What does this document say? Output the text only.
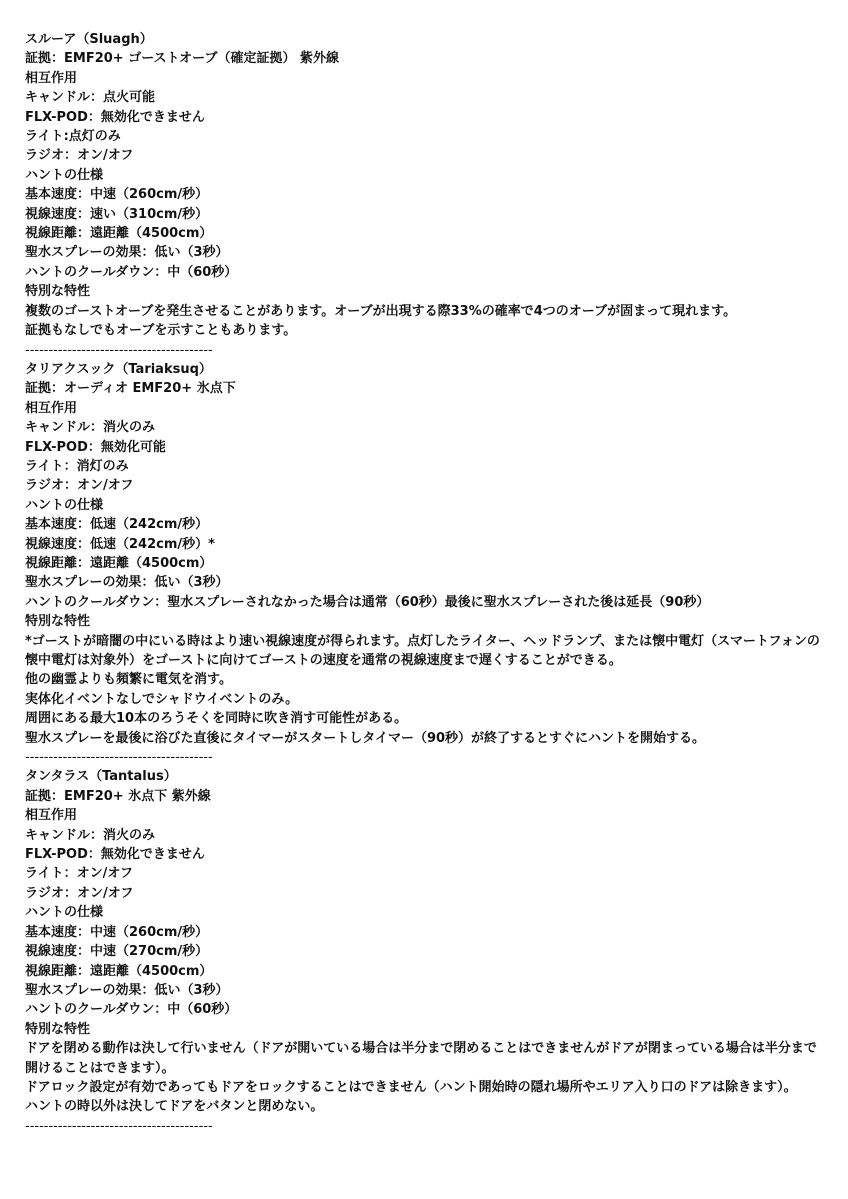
スルーア（Sluagh）
証拠：EMF20+ ゴーストオーブ（確定証拠） 紫外線
相互作用
キャンドル：点火可能
FLX-POD：無効化できません
ライト:点灯のみ
ラジオ：オン/オフ
ハントの仕様
基本速度：中速（260cm/秒）
視線速度：速い（310cm/秒）
視線距離：遠距離（4500cm）
聖水スプレーの効果：低い（3秒）
ハントのクールダウン：中（60秒）
特別な特性
複数のゴーストオーブを発生させることがあります。オーブが出現する際33%の確率で4つのオーブが固まって現れます。
証拠もなしでもオーブを示すこともあります。
----------------------------------------
タリアクスック（Tariaksuq）
証拠：オーディオ EMF20+ 氷点下
相互作用
キャンドル：消火のみ
FLX-POD：無効化可能
ライト：消灯のみ
ラジオ：オン/オフ
ハントの仕様
基本速度：低速（242cm/秒）
視線速度：低速（242cm/秒）*
視線距離：遠距離（4500cm）
聖水スプレーの効果：低い（3秒）
ハントのクールダウン：聖水スプレーされなかった場合は通常（60秒）最後に聖水スプレーされた後は延長（90秒）
特別な特性
*ゴーストが暗闇の中にいる時はより速い視線速度が得られます。点灯したライター、ヘッドランプ、または懐中電灯（スマートフォンの懐中電灯は対象外）をゴーストに向けてゴーストの速度を通常の視線速度まで遅くすることができる。
他の幽霊よりも頻繁に電気を消す。
実体化イベントなしでシャドウイベントのみ。
周囲にある最大10本のろうそくを同時に吹き消す可能性がある。
聖水スプレーを最後に浴びた直後にタイマーがスタートしタイマー（90秒）が終了するとすぐにハントを開始する。
----------------------------------------
タンタラス（Tantalus）
証拠：EMF20+ 氷点下 紫外線
相互作用
キャンドル：消火のみ
FLX-POD：無効化できません
ライト：オン/オフ
ラジオ：オン/オフ
ハントの仕様
基本速度：中速（260cm/秒）
視線速度：中速（270cm/秒）
視線距離：遠距離（4500cm）
聖水スプレーの効果：低い（3秒）
ハントのクールダウン：中（60秒）
特別な特性
ドアを閉める動作は決して行いません（ドアが開いている場合は半分まで閉めることはできませんがドアが閉まっている場合は半分まで開けることはできます）。
ドアロック設定が有効であってもドアをロックすることはできません（ハント開始時の隠れ場所やエリア入り口のドアは除きます）。
ハントの時以外は決してドアをバタンと閉めない。
----------------------------------------
